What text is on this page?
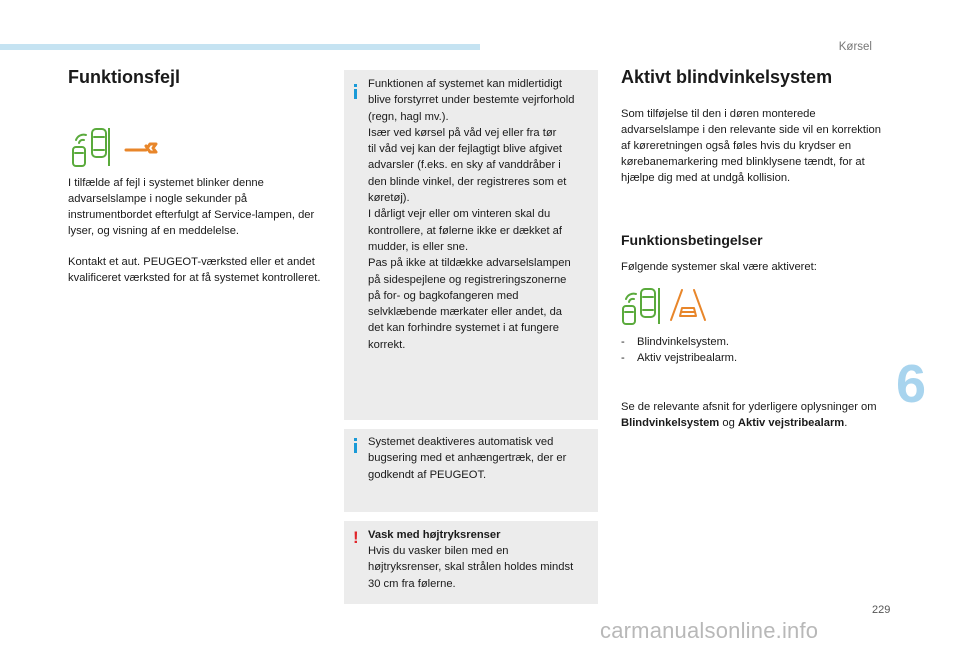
Kørsel
6
Funktionsfejl

I tilfælde af fejl i systemet blinker denne advarselslampe i nogle sekunder på instrumentbordet efterfulgt af Service-lampen, der lyser, og visning af en meddelelse.

Kontakt et aut. PEUGEOT-værksted eller et andet kvalificeret værksted for at få systemet kontrolleret.

Funktionen af systemet kan midlertidigt
blive forstyrret under bestemte vejrforhold
(regn, hagl mv.).
Især ved kørsel på våd vej eller fra tør
til våd vej kan der fejlagtigt blive afgivet
advarsler (f.eks. en sky af vanddråber i
den blinde vinkel, der registreres som et
køretøj).
I dårligt vejr eller om vinteren skal du
kontrollere, at følerne ikke er dækket af
mudder, is eller sne.
Pas på ikke at tildække advarselslampen
på sidespejlene og registreringszonerne
på for- og bagkofangeren med
selvklæbende mærkater eller andet, da
det kan forhindre systemet i at fungere
korrekt.
Systemet deaktiveres automatisk ved
bugsering med et anhængertræk, der er
godkendt af PEUGEOT.
! Vask med højtryksrenser
Hvis du vasker bilen med en
højtryksrenser, skal strålen holdes mindst
30 cm fra følerne.
Aktivt blindvinkelsystem

Som tilføjelse til den i døren monterede advarselslampe i den relevante side vil en korrektion af køreretningen også føles hvis du krydser en kørebanemarkering med blinklysene tændt, for at hjælpe dig med at undgå kollision.

Funktionsbetingelser

Følgende systemer skal være aktiveret:

- Blindvinkelsystem.
- Aktiv vejstribealarm.

Se de relevante afsnit for yderligere oplysninger om Blindvinkelsystem og Aktiv vejstribealarm.

229
carmanualsonline.info
